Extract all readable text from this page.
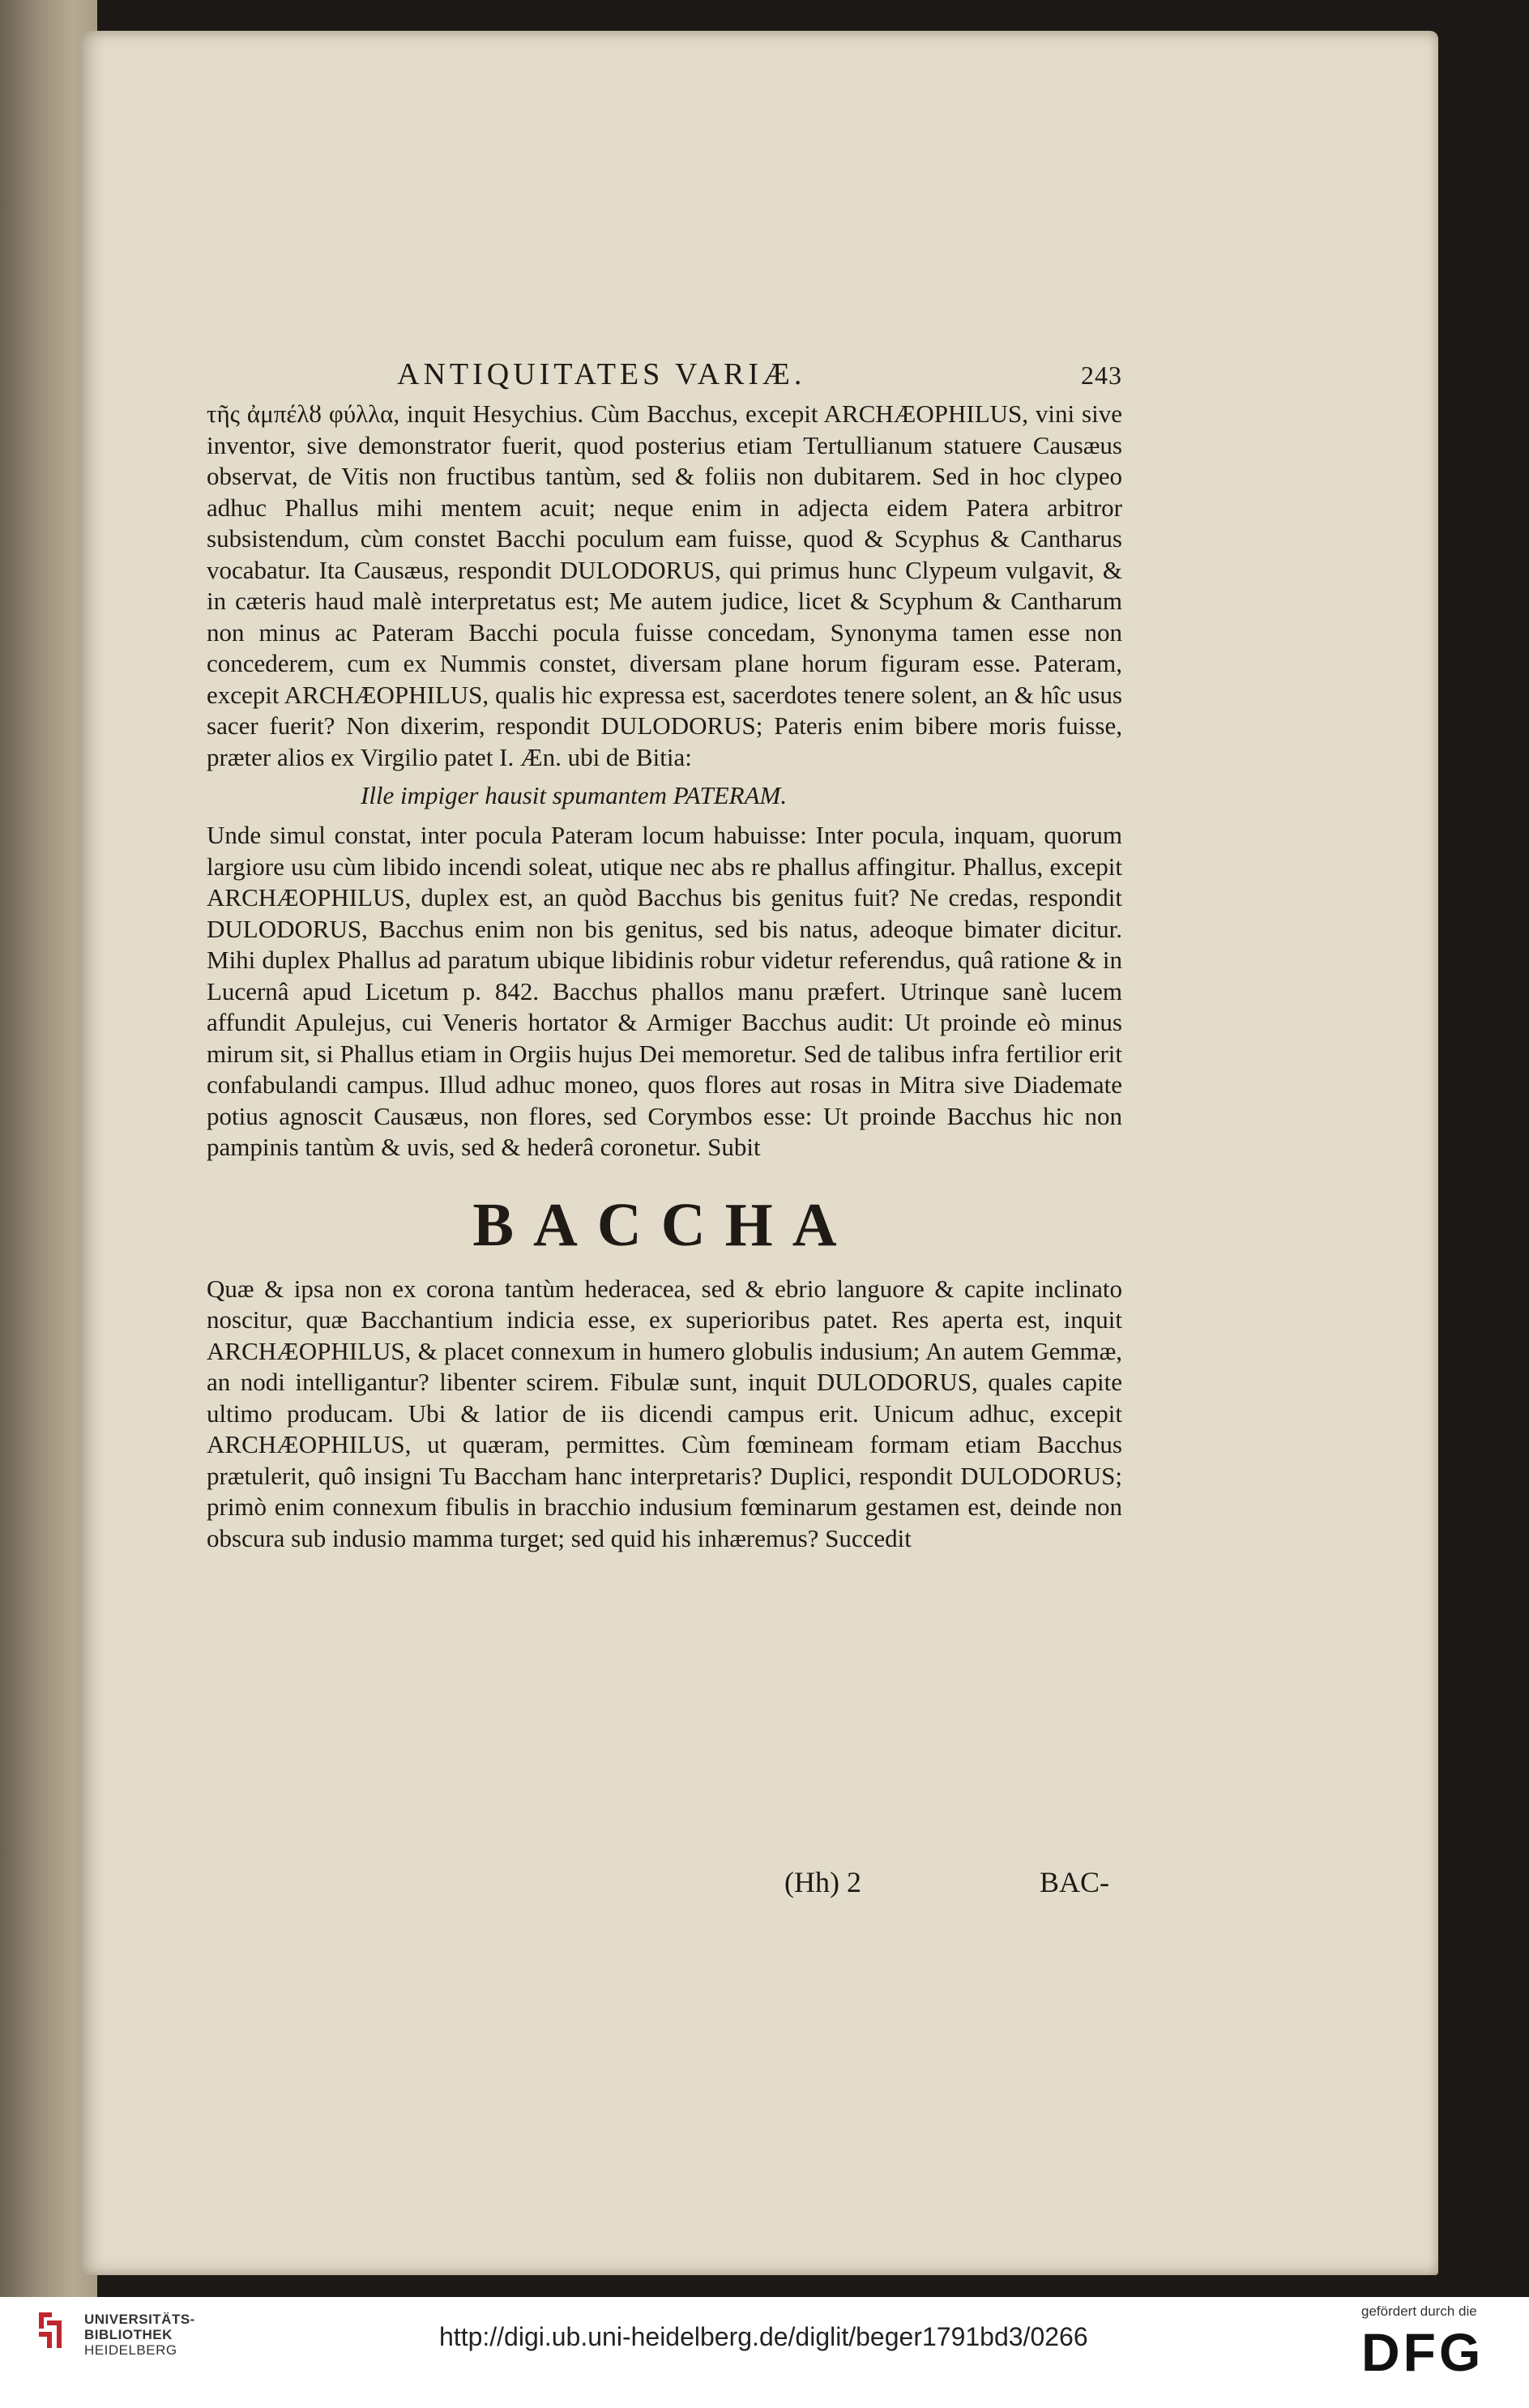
ANTIQUITATES VARIÆ.	243

τῆς ἀμπέλȣ φύλλα, inquit Hesychius. Cùm Bacchus, excepit ARCHÆOPHILUS, vini sive inventor, sive demonstrator fuerit, quod posterius etiam Tertullianum statuere Causæus observat, de Vitis non fructibus tantùm, sed & foliis non dubitarem. Sed in hoc clypeo adhuc Phallus mihi mentem acuit; neque enim in adjecta eidem Patera arbitror subsistendum, cùm constet Bacchi poculum eam fuisse, quod & Scyphus & Cantharus vocabatur. Ita Causæus, respondit DULODORUS, qui primus hunc Clypeum vulgavit, & in cæteris haud malè interpretatus est; Me autem judice, licet & Scyphum & Cantharum non minus ac Pateram Bacchi pocula fuisse concedam, Synonyma tamen esse non concederem, cum ex Nummis constet, diversam plane horum figuram esse. Pateram, excepit ARCHÆOPHILUS, qualis hic expressa est, sacerdotes tenere solent, an & hîc usus sacer fuerit? Non dixerim, respondit DULODORUS; Pateris enim bibere moris fuisse, præter alios ex Virgilio patet I. Æn. ubi de Bitia:

Ille impiger hausit spumantem PATERAM.

Unde simul constat, inter pocula Pateram locum habuisse: Inter pocula, inquam, quorum largiore usu cùm libido incendi soleat, utique nec abs re phallus affingitur. Phallus, excepit ARCHÆOPHILUS, duplex est, an quòd Bacchus bis genitus fuit? Ne credas, respondit DULODORUS, Bacchus enim non bis genitus, sed bis natus, adeoque bimater dicitur. Mihi duplex Phallus ad paratum ubique libidinis robur videtur referendus, quâ ratione & in Lucernâ apud Licetum p. 842. Bacchus phallos manu præfert. Utrinque sanè lucem affundit Apulejus, cui Veneris hortator & Armiger Bacchus audit: Ut proinde eò minus mirum sit, si Phallus etiam in Orgiis hujus Dei memoretur. Sed de talibus infra fertilior erit confabulandi campus. Illud adhuc moneo, quos flores aut rosas in Mitra sive Diademate potius agnoscit Causæus, non flores, sed Corymbos esse: Ut proinde Bacchus hic non pampinis tantùm & uvis, sed & hederâ coronetur. Subit

BACCHA

Quæ & ipsa non ex corona tantùm hederacea, sed & ebrio languore & capite inclinato noscitur, quæ Bacchantium indicia esse, ex superioribus patet. Res aperta est, inquit ARCHÆOPHILUS, & placet connexum in humero globulis indusium; An autem Gemmæ, an nodi intelligantur? libenter scirem. Fibulæ sunt, inquit DULODORUS, quales capite ultimo producam. Ubi & latior de iis dicendi campus erit. Unicum adhuc, excepit ARCHÆOPHILUS, ut quæram, permittes. Cùm fœmineam formam etiam Bacchus prætulerit, quô insigni Tu Baccham hanc interpretaris? Duplici, respondit DULODORUS; primò enim connexum fibulis in bracchio indusium fœminarum gestamen est, deinde non obscura sub indusio mamma turget; sed quid his inhæremus? Succedit

(Hh) 2	BAC-
UNIVERSITÄTS-
BIBLIOTHEK
HEIDELBERG	http://digi.ub.uni-heidelberg.de/diglit/beger1791bd3/0266
gefördert durch die
DFG
